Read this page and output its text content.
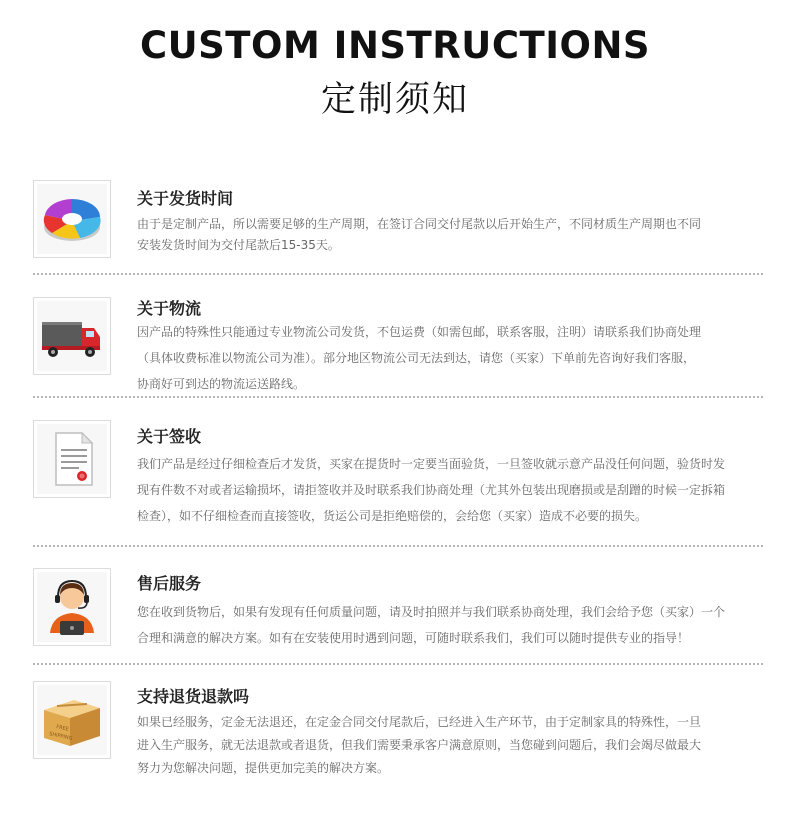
CUSTOM INSTRUCTIONS
定制须知
关于发货时间

由于是定制产品，所以需要足够的生产周期，在签订合同交付尾款以后开始生产，不同材质生产周期也不同

安装发货时间为交付尾款后15-35天。

关于物流

因产品的特殊性只能通过专业物流公司发货，不包运费（如需包邮，联系客服，注明）请联系我们协商处理

（具体收费标准以物流公司为准）。部分地区物流公司无法到达，请您（买家）下单前先咨询好我们客服，

协商好可到达的物流运送路线。

关于签收

我们产品是经过仔细检查后才发货，买家在提货时一定要当面验货，一旦签收就示意产品没任何问题，验货时发

现有件数不对或者运输损坏，请拒签收并及时联系我们协商处理（尤其外包装出现磨损或是刮蹭的时候一定拆箱

检查），如不仔细检查而直接签收，货运公司是拒绝赔偿的，会给您（买家）造成不必要的损失。

售后服务

您在收到货物后，如果有发现有任何质量问题，请及时拍照并与我们联系协商处理，我们会给予您（买家）一个

合理和满意的解决方案。如有在安装使用时遇到问题，可随时联系我们，我们可以随时提供专业的指导！

FREE
SHIPPING
支持退货退款吗

如果已经服务，定金无法退还，在定金合同交付尾款后，已经进入生产环节，由于定制家具的特殊性，一旦

进入生产服务，就无法退款或者退货，但我们需要秉承客户满意原则，当您碰到问题后，我们会竭尽做最大

努力为您解决问题，提供更加完美的解决方案。
